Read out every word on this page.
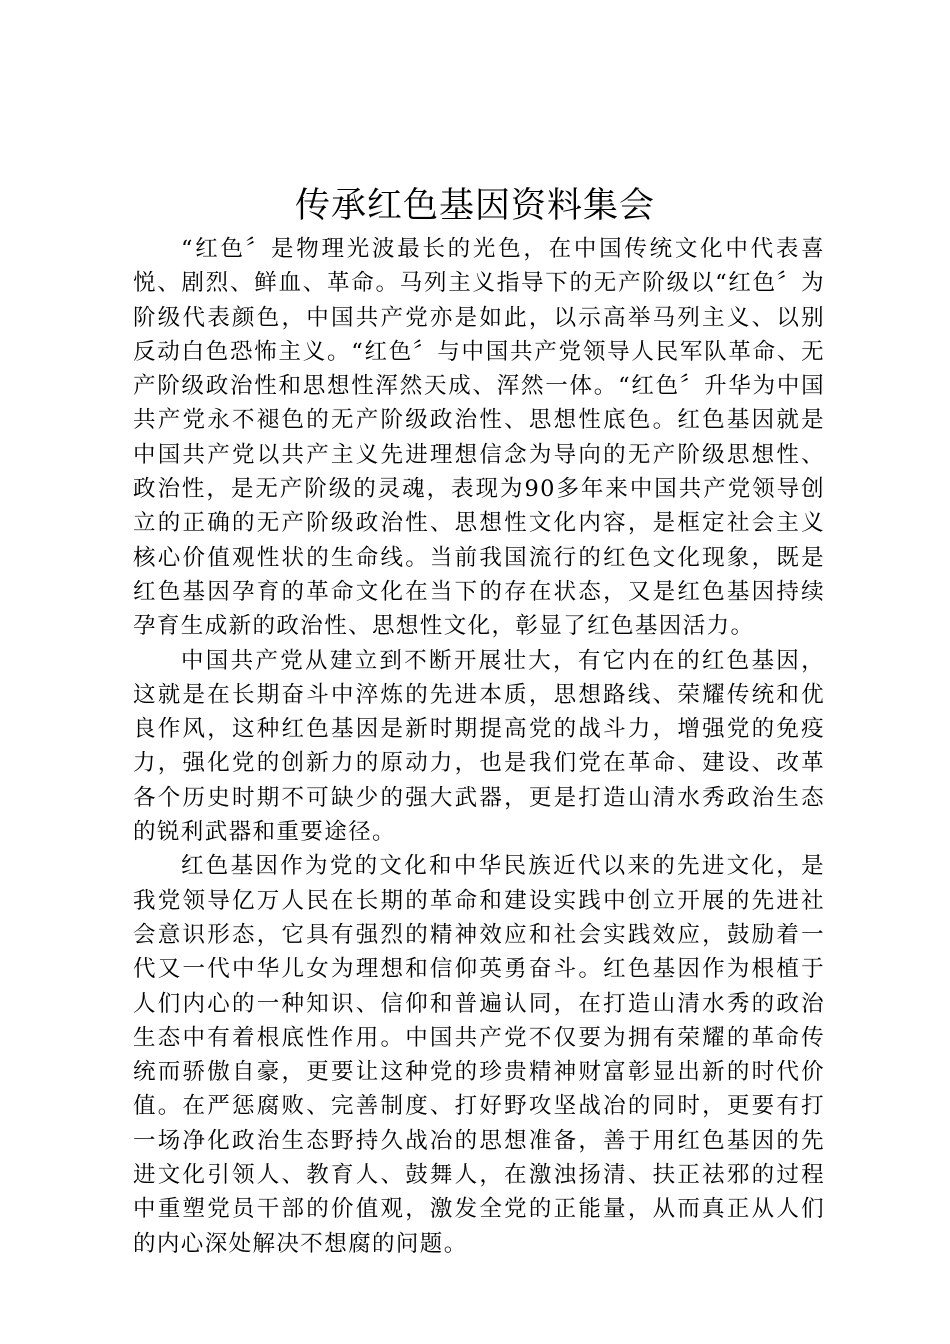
传承红色基因资料集会

“红色〞是物理光波最长的光色，在中国传统文化中代表喜悦、剧烈、鲜血、革命。马列主义指导下的无产阶级以“红色〞为阶级代表颜色，中国共产党亦是如此，以示高举马列主义、以别反动白色恐怖主义。“红色〞与中国共产党领导人民军队革命、无产阶级政治性和思想性浑然天成、浑然一体。“红色〞升华为中国共产党永不褪色的无产阶级政治性、思想性底色。红色基因就是中国共产党以共产主义先进理想信念为导向的无产阶级思想性、政治性，是无产阶级的灵魂，表现为90多年来中国共产党领导创立的正确的无产阶级政治性、思想性文化内容，是框定社会主义核心价值观性状的生命线。当前我国流行的红色文化现象，既是红色基因孕育的革命文化在当下的存在状态，又是红色基因持续孕育生成新的政治性、思想性文化，彰显了红色基因活力。

中国共产党从建立到不断开展壮大，有它内在的红色基因，这就是在长期奋斗中淬炼的先进本质，思想路线、荣耀传统和优良作风，这种红色基因是新时期提高党的战斗力，增强党的免疫力，强化党的创新力的原动力，也是我们党在革命、建设、改革各个历史时期不可缺少的强大武器，更是打造山清水秀政治生态的锐利武器和重要途径。

红色基因作为党的文化和中华民族近代以来的先进文化，是我党领导亿万人民在长期的革命和建设实践中创立开展的先进社会意识形态，它具有强烈的精神效应和社会实践效应，鼓励着一代又一代中华儿女为理想和信仰英勇奋斗。红色基因作为根植于人们内心的一种知识、信仰和普遍认同，在打造山清水秀的政治生态中有着根底性作用。中国共产党不仅要为拥有荣耀的革命传统而骄傲自豪，更要让这种党的珍贵精神财富彰显出新的时代价值。在严惩腐败、完善制度、打好野攻坚战冶的同时，更要有打一场净化政治生态野持久战冶的思想准备，善于用红色基因的先进文化引领人、教育人、鼓舞人，在激浊扬清、扶正祛邪的过程中重塑党员干部的价值观，激发全党的正能量，从而真正从人们的内心深处解决不想腐的问题。
